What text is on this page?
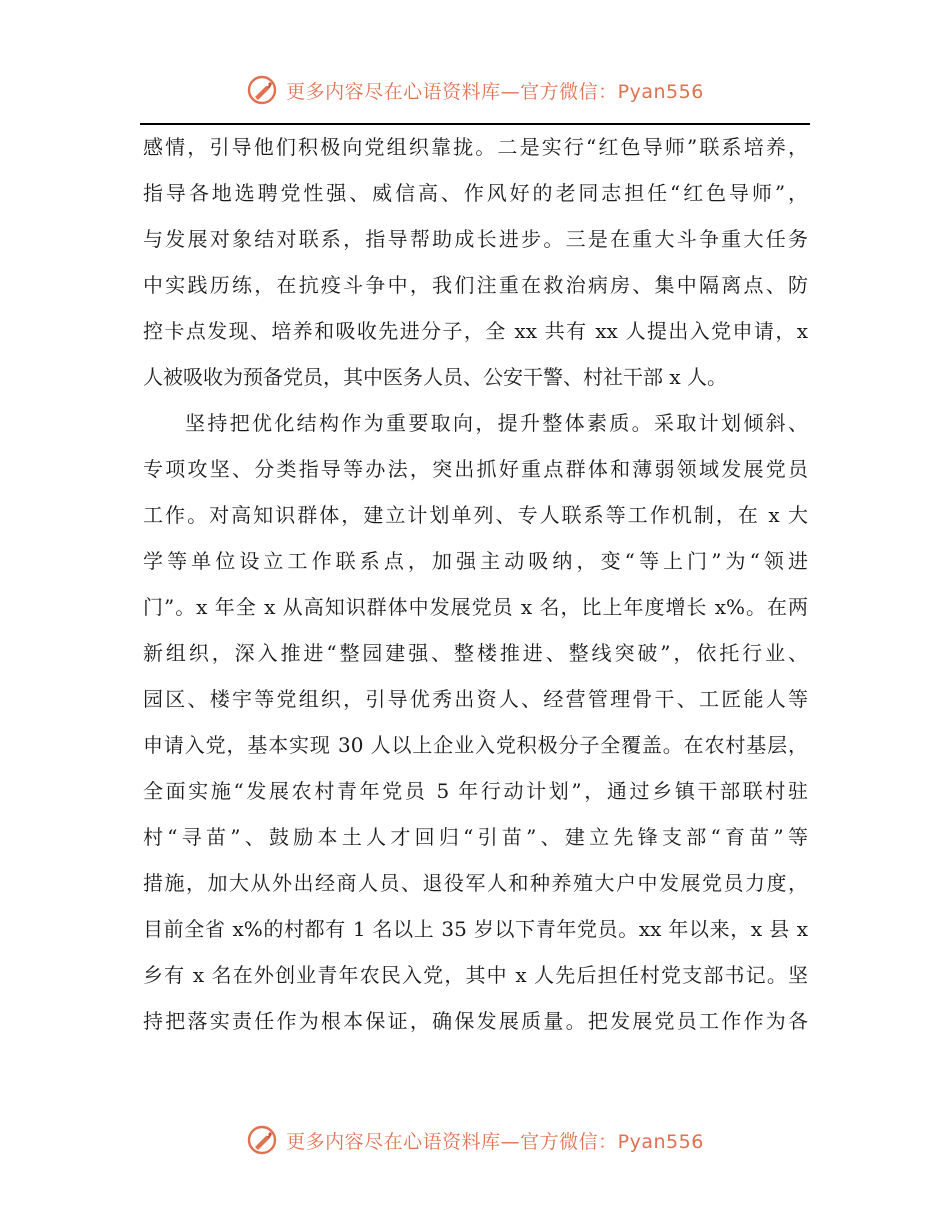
更多内容尽在心语资料库—官方微信：Pyan556
感情，引导他们积极向党组织靠拢。二是实行“红色导师”联系培养，
指导各地选聘党性强、威信高、作风好的老同志担任“红色导师”，
与发展对象结对联系，指导帮助成长进步。三是在重大斗争重大任务
中实践历练，在抗疫斗争中，我们注重在救治病房、集中隔离点、防
控卡点发现、培养和吸收先进分子，全 xx 共有 xx 人提出入党申请，x
人被吸收为预备党员，其中医务人员、公安干警、村社干部 x 人。
坚持把优化结构作为重要取向，提升整体素质。采取计划倾斜、
专项攻坚、分类指导等办法，突出抓好重点群体和薄弱领域发展党员
工作。对高知识群体，建立计划单列、专人联系等工作机制，在 x 大
学等单位设立工作联系点，加强主动吸纳，变“等上门”为“领进
门”。x 年全 x 从高知识群体中发展党员 x 名，比上年度增长 x%。在两
新组织，深入推进“整园建强、整楼推进、整线突破”，依托行业、
园区、楼宇等党组织，引导优秀出资人、经营管理骨干、工匠能人等
申请入党，基本实现 30 人以上企业入党积极分子全覆盖。在农村基层，
全面实施“发展农村青年党员 5 年行动计划”，通过乡镇干部联村驻
村“寻苗”、鼓励本土人才回归“引苗”、建立先锋支部“育苗”等
措施，加大从外出经商人员、退役军人和种养殖大户中发展党员力度，
目前全省 x%的村都有 1 名以上 35 岁以下青年党员。xx 年以来，x 县 x
乡有 x 名在外创业青年农民入党，其中 x 人先后担任村党支部书记。坚
持把落实责任作为根本保证，确保发展质量。把发展党员工作作为各
更多内容尽在心语资料库—官方微信：Pyan556
